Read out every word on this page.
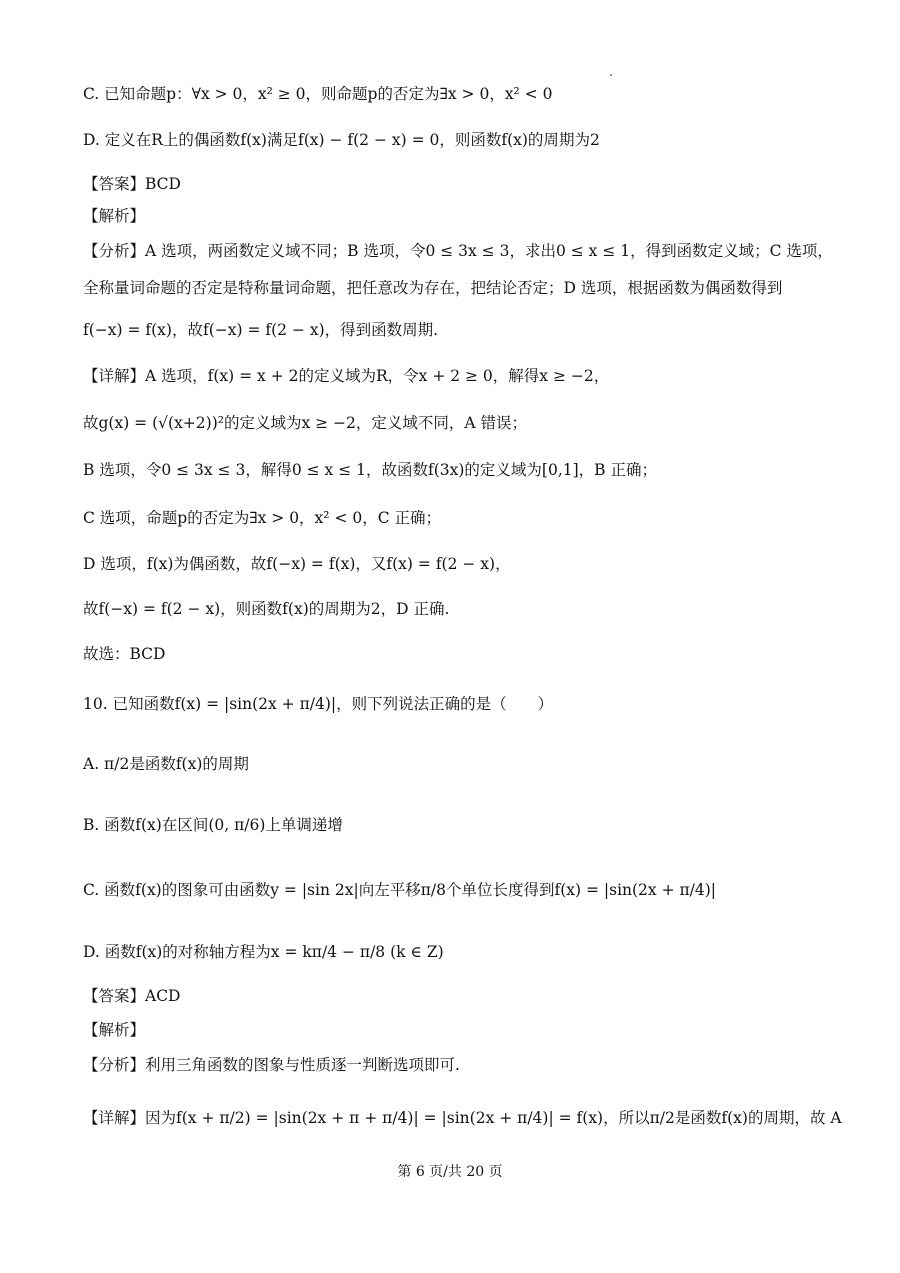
C. 已知命题p：∀x > 0，x² ≥ 0，则命题p的否定为∃x > 0，x² < 0
D. 定义在R上的偶函数f(x)满足f(x) − f(2 − x) = 0，则函数f(x)的周期为2
【答案】BCD
【解析】
【分析】A 选项，两函数定义域不同；B 选项，令0 ≤ 3x ≤ 3，求出0 ≤ x ≤ 1，得到函数定义域；C 选项，
全称量词命题的否定是特称量词命题，把任意改为存在，把结论否定；D 选项，根据函数为偶函数得到
f(−x) = f(x)，故f(−x) = f(2 − x)，得到函数周期.
【详解】A 选项，f(x) = x + 2的定义域为R，令x + 2 ≥ 0，解得x ≥ −2，
故g(x) = (√(x+2))²的定义域为x ≥ −2，定义域不同，A 错误；
B 选项，令0 ≤ 3x ≤ 3，解得0 ≤ x ≤ 1，故函数f(3x)的定义域为[0,1]，B 正确；
C 选项，命题p的否定为∃x > 0，x² < 0，C 正确；
D 选项，f(x)为偶函数，故f(−x) = f(x)，又f(x) = f(2 − x)，
故f(−x) = f(2 − x)，则函数f(x)的周期为2，D 正确.
故选：BCD
10. 已知函数f(x) = |sin(2x + π/4)|，则下列说法正确的是（　　）
A. π/2是函数f(x)的周期
B. 函数f(x)在区间(0, π/6)上单调递增
C. 函数f(x)的图象可由函数y = |sin 2x|向左平移π/8个单位长度得到f(x) = |sin(2x + π/4)|
D. 函数f(x)的对称轴方程为x = kπ/4 − π/8 (k ∈ Z)
【答案】ACD
【解析】
【分析】利用三角函数的图象与性质逐一判断选项即可.
【详解】因为f(x + π/2) = |sin(2x + π + π/4)| = |sin(2x + π/4)| = f(x)，所以π/2是函数f(x)的周期，故 A
第 6 页/共 20 页
